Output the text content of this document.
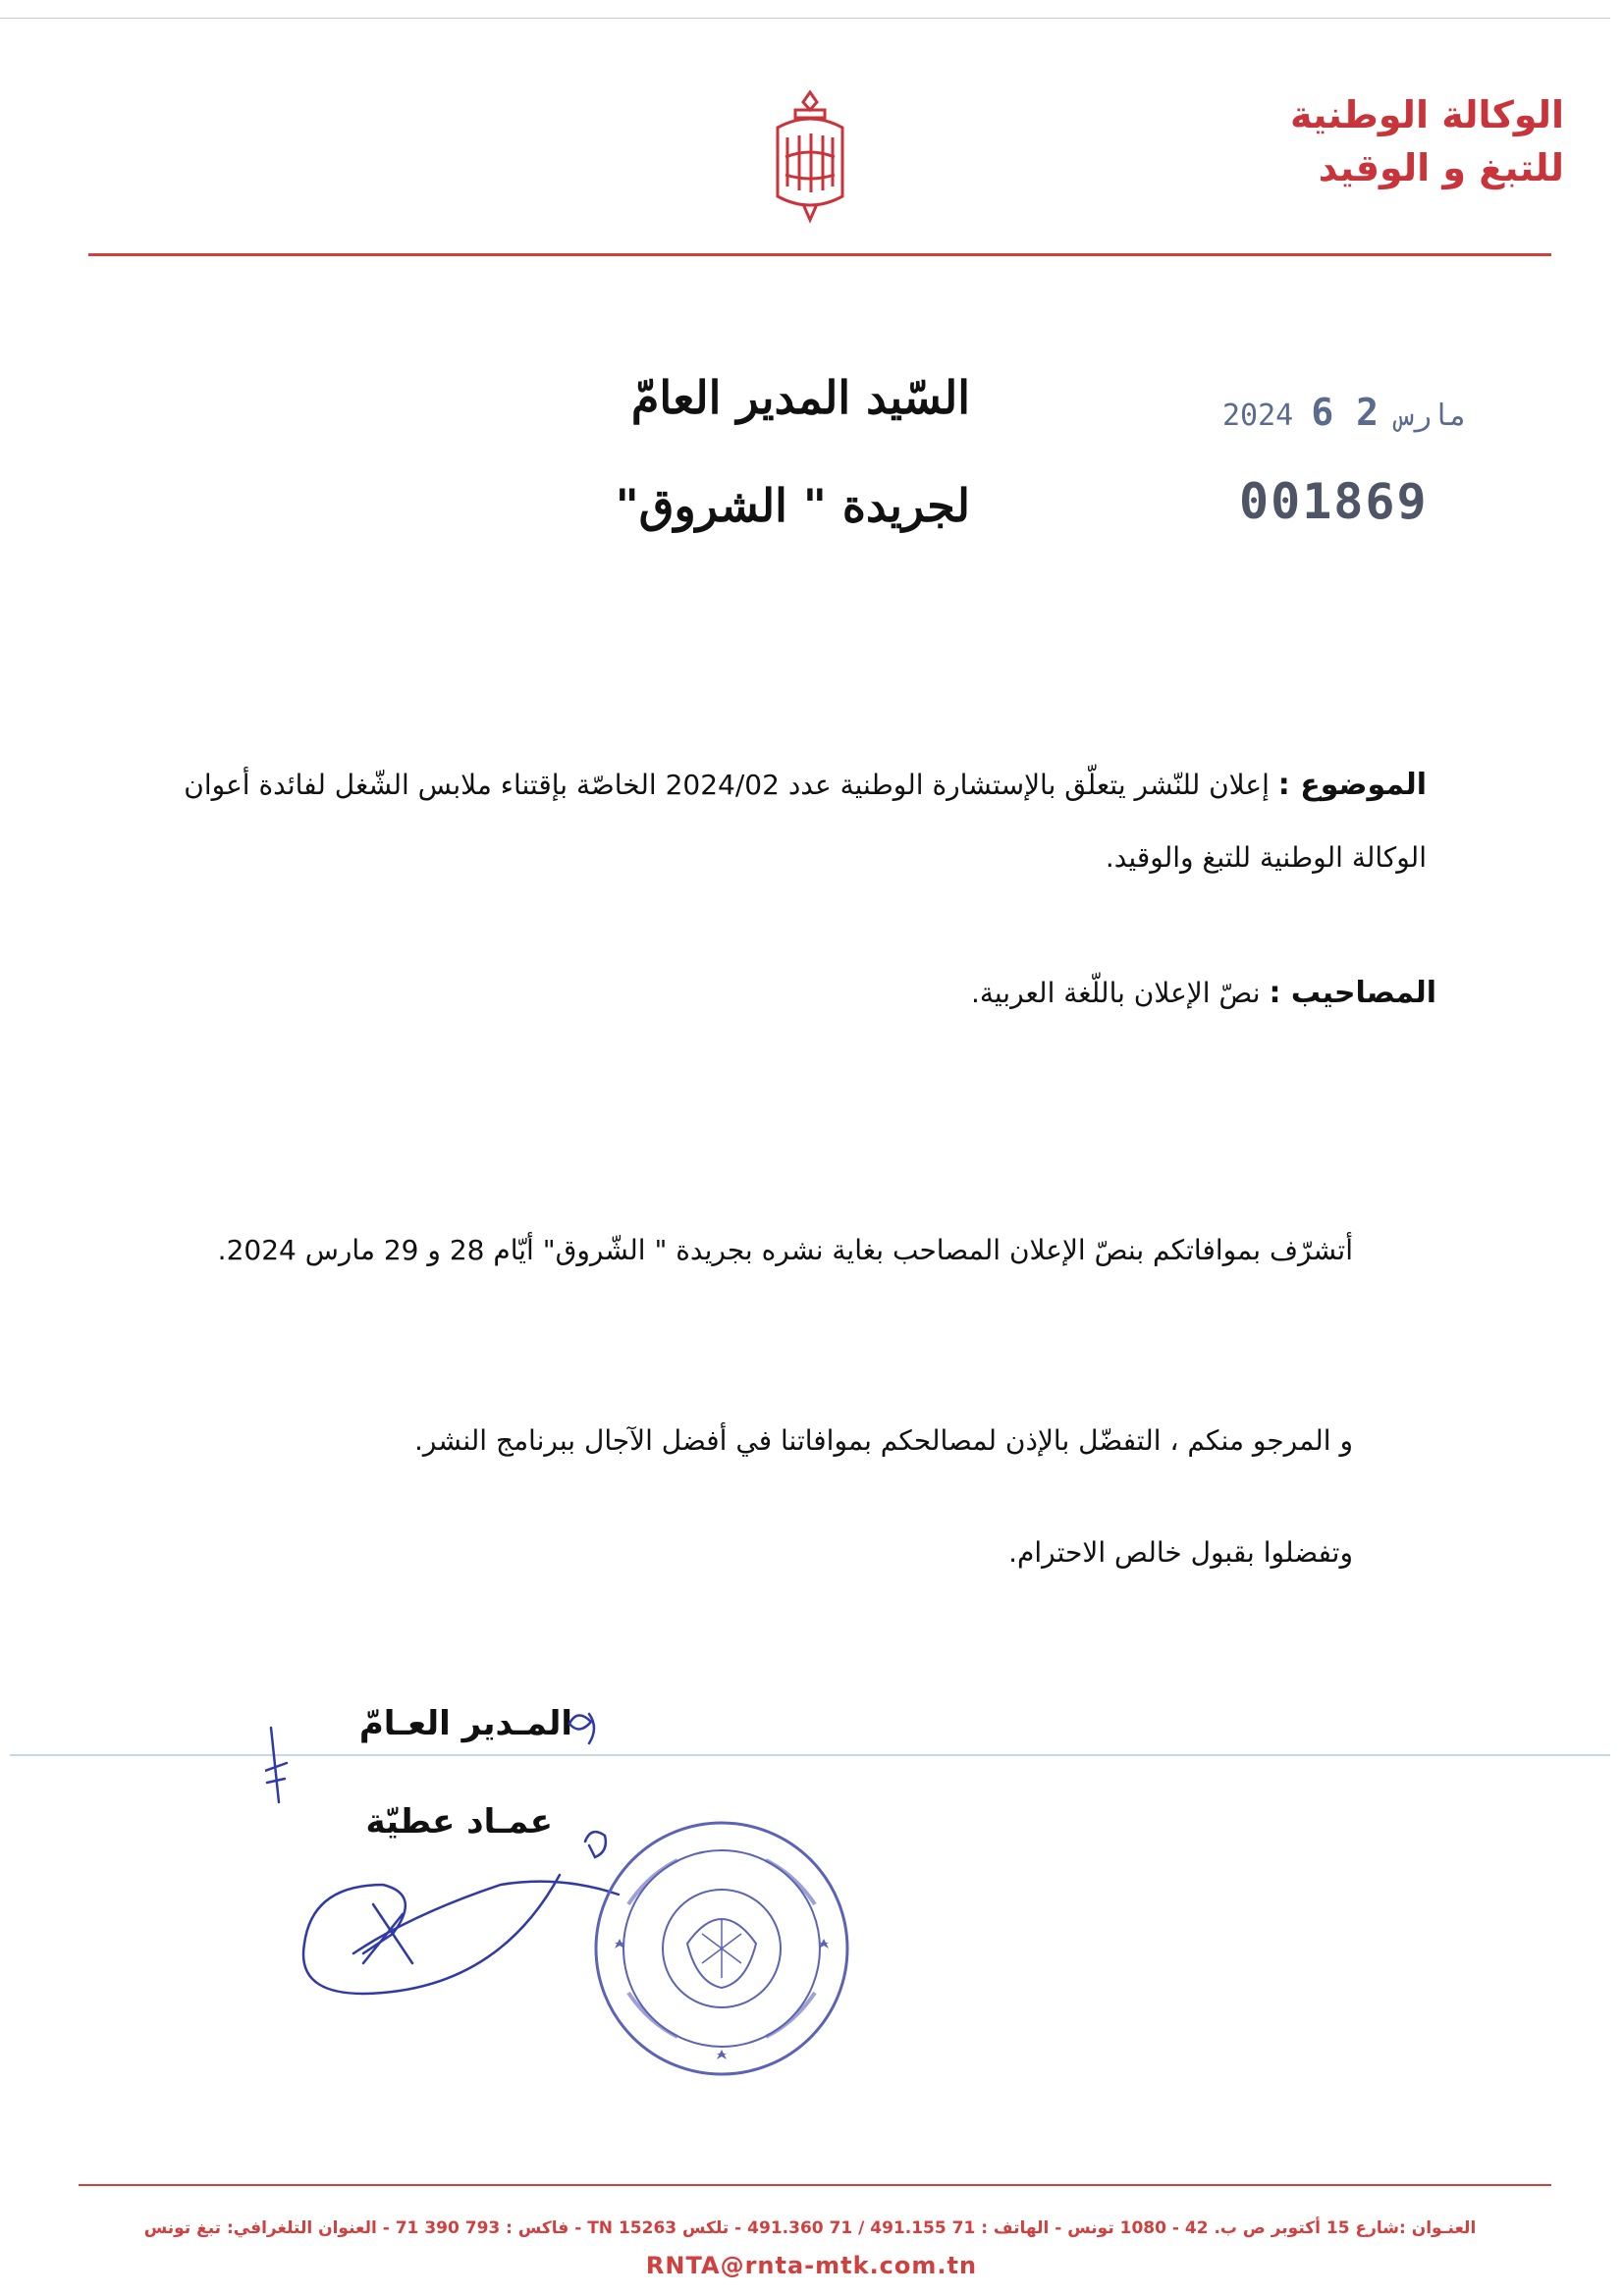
الوكالة الوطنية
للتبغ و الوقيد
السّيد المدير العامّ
لجريدة " الشروق"
2024	مارس 2 6
001869
الموضوع : إعلان للنّشر يتعلّق بالإستشارة الوطنية عدد 2024/02 الخاصّة بإقتناء ملابس الشّغل لفائدة أعوان الوكالة الوطنية للتبغ والوقيد.
المصاحيب : نصّ الإعلان باللّغة العربية.
أتشرّف بموافاتكم بنصّ الإعلان المصاحب بغاية نشره بجريدة " الشّروق" أيّام 28 و 29 مارس 2024.
و المرجو منكم ، التفضّل بالإذن لمصالحكم بموافاتنا في أفضل الآجال ببرنامج النشر.
وتفضلوا بقبول خالص الاحترام.
المـدير العـامّ
عمـاد عطيّة
العنـوان :شارع 15 أكتوبر ص ب. 42 - 1080 تونس - الهاتف : 71 491.155 / 71 491.360 - تلكس 15263 TN - فاكس : 793 390 71 - العنوان التلغرافي: تبغ تونس
RNTA@rnta-mtk.com.tn
